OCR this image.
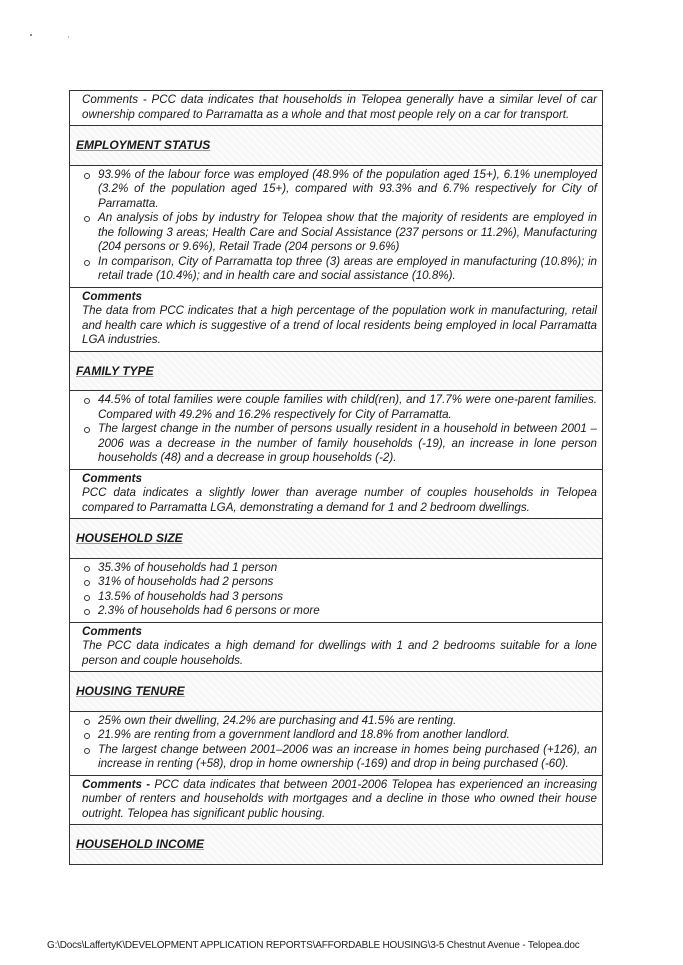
Comments - PCC data indicates that households in Telopea generally have a similar level of car ownership compared to Parramatta as a whole and that most people rely on a car for transport.
EMPLOYMENT STATUS
93.9% of the labour force was employed (48.9% of the population aged 15+), 6.1% unemployed (3.2% of the population aged 15+), compared with 93.3% and 6.7% respectively for City of Parramatta.
An analysis of jobs by industry for Telopea show that the majority of residents are employed in the following 3 areas; Health Care and Social Assistance (237 persons or 11.2%), Manufacturing (204 persons or 9.6%), Retail Trade (204 persons or 9.6%)
In comparison, City of Parramatta top three (3) areas are employed in manufacturing (10.8%); in retail trade (10.4%); and in health care and social assistance (10.8%).
Comments
The data from PCC indicates that a high percentage of the population work in manufacturing, retail and health care which is suggestive of a trend of local residents being employed in local Parramatta LGA industries.
FAMILY TYPE
44.5% of total families were couple families with child(ren), and 17.7% were one-parent families. Compared with 49.2% and 16.2% respectively for City of Parramatta.
The largest change in the number of persons usually resident in a household in between 2001 – 2006 was a decrease in the number of family households (-19), an increase in lone person households (48) and a decrease in group households (-2).
Comments
PCC data indicates a slightly lower than average number of couples households in Telopea compared to Parramatta LGA, demonstrating a demand for 1 and 2 bedroom dwellings.
HOUSEHOLD SIZE
35.3% of households had 1 person
31% of households had 2 persons
13.5% of households had 3 persons
2.3% of households had 6 persons or more
Comments
The PCC data indicates a high demand for dwellings with 1 and 2 bedrooms suitable for a lone person and couple households.
HOUSING TENURE
25% own their dwelling, 24.2% are purchasing and 41.5% are renting.
21.9% are renting from a government landlord and 18.8% from another landlord.
The largest change between 2001–2006 was an increase in homes being purchased (+126), an increase in renting (+58), drop in home ownership (-169) and drop in being purchased (-60).
Comments - PCC data indicates that between 2001-2006 Telopea has experienced an increasing number of renters and households with mortgages and a decline in those who owned their house outright. Telopea has significant public housing.
HOUSEHOLD INCOME
G:\Docs\LaffertyK\DEVELOPMENT APPLICATION REPORTS\AFFORDABLE HOUSING\3-5 Chestnut Avenue - Telopea.doc
